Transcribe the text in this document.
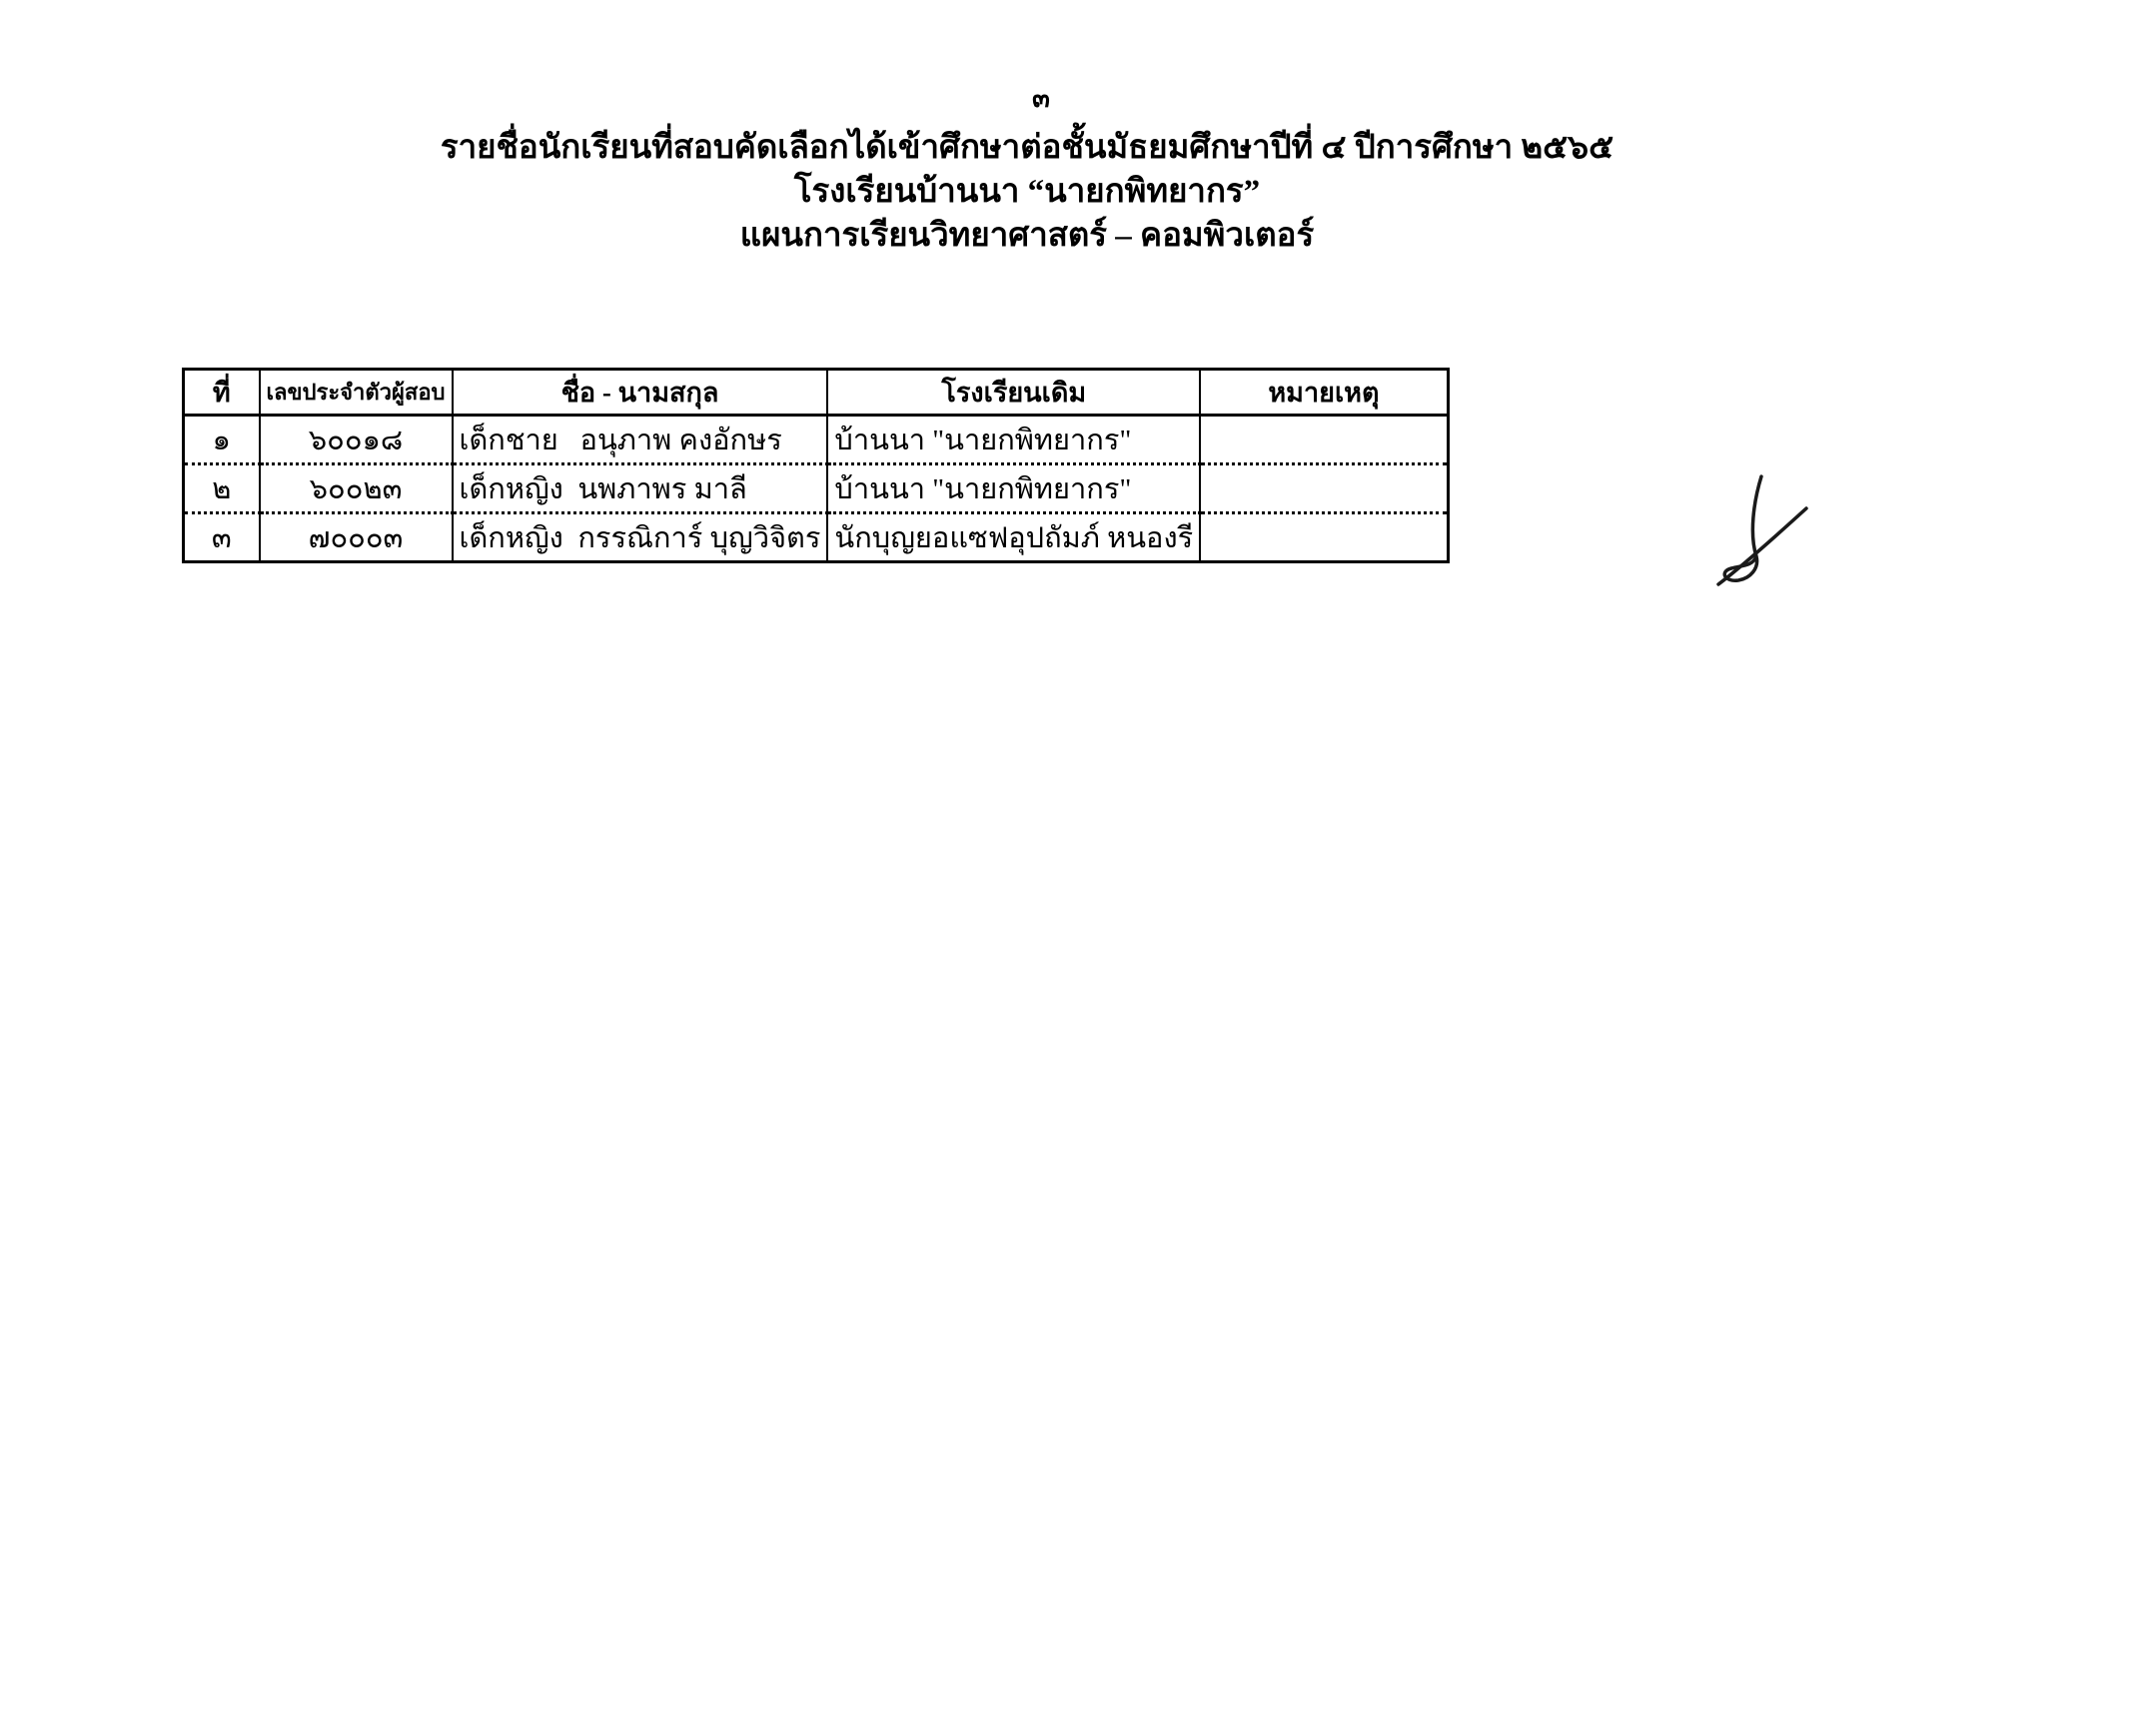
๓
รายชื่อนักเรียนที่สอบคัดเลือกได้เข้าศึกษาต่อชั้นมัธยมศึกษาปีที่ ๔ ปีการศึกษา ๒๕๖๕
โรงเรียนบ้านนา “นายกพิทยากร”
แผนการเรียนวิทยาศาสตร์ – คอมพิวเตอร์
ที่	เลขประจำตัวผู้สอบ	ชื่อ - นามสกุล	โรงเรียนเดิม	หมายเหตุ
๑	๖๐๐๑๘	เด็กชาย   อนุภาพ คงอักษร	บ้านนา "นายกพิทยากร"	
๒	๖๐๐๒๓	เด็กหญิง  นพภาพร มาลี	บ้านนา "นายกพิทยากร"	
๓	๗๐๐๐๓	เด็กหญิง  กรรณิการ์ บุญวิจิตร	นักบุญยอแซฟอุปถัมภ์ หนองรี	
